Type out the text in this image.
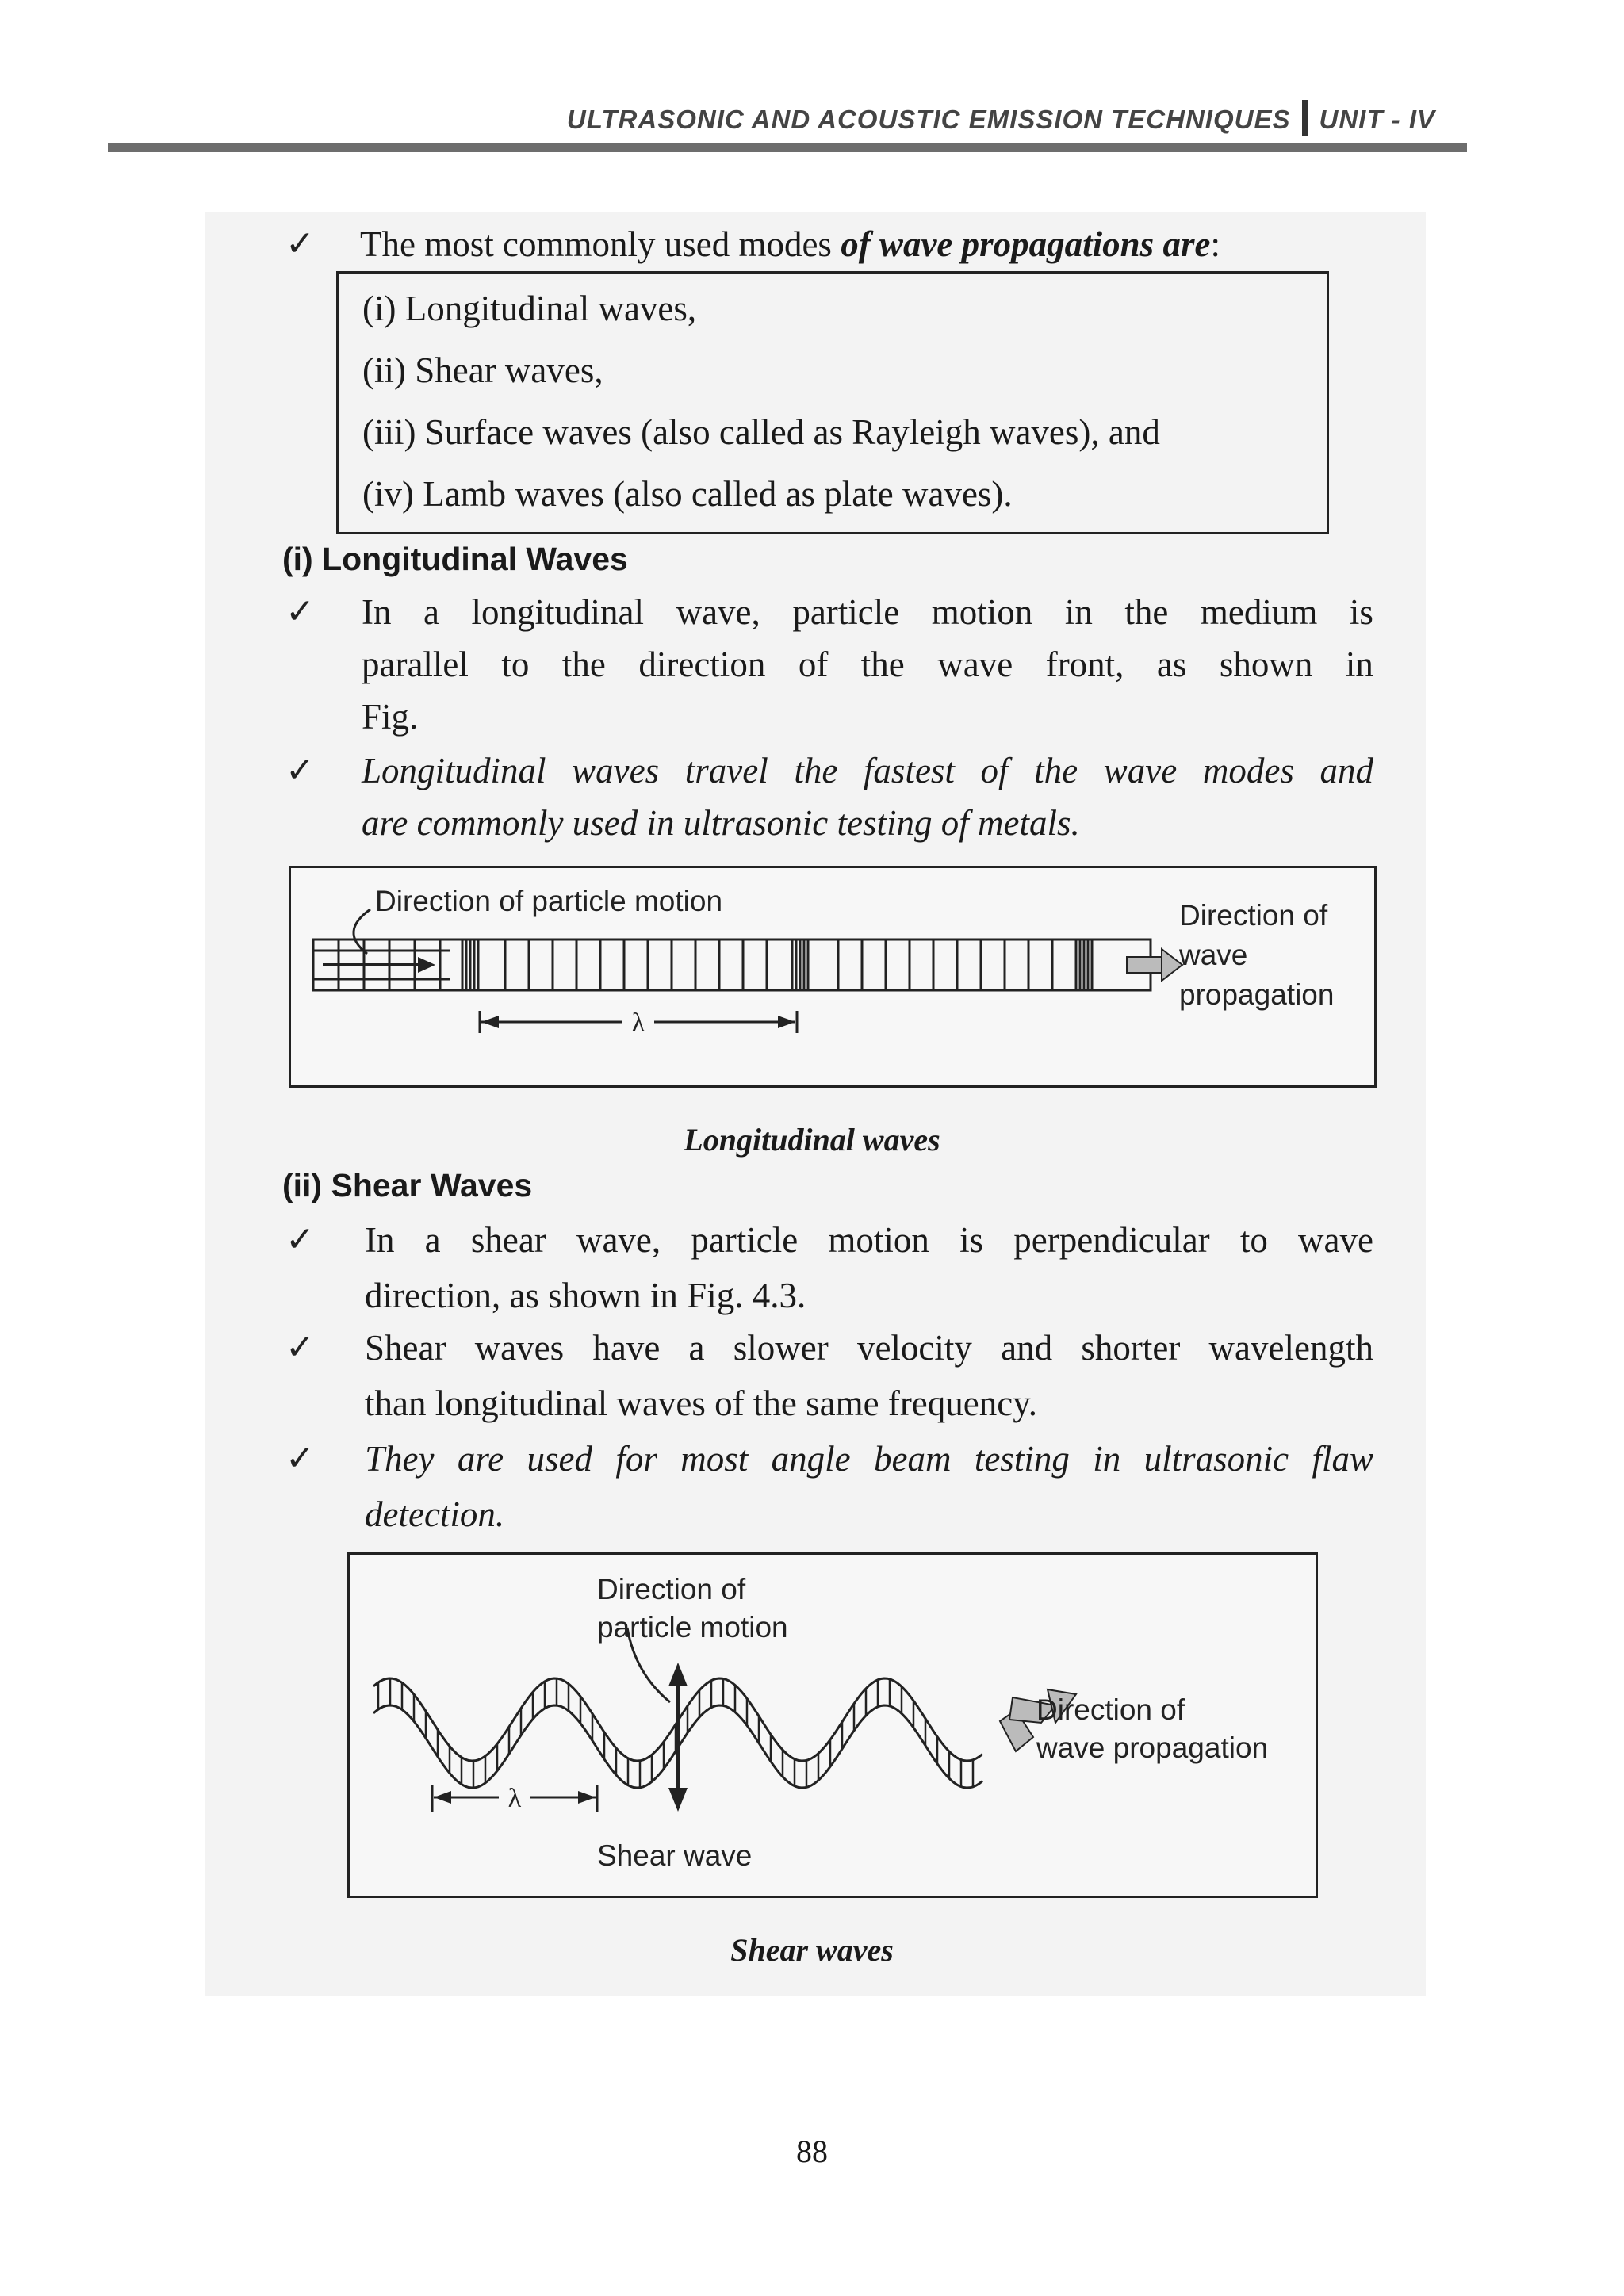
ULTRASONIC AND ACOUSTIC EMISSION TECHNIQUES UNIT - IV
✓ The most commonly used modes of wave propagations are:
(i) Longitudinal waves,
(ii) Shear waves,
(iii) Surface waves (also called as Rayleigh waves), and
(iv) Lamb waves (also called as plate waves).
(i) Longitudinal Waves
✓ In a longitudinal wave, particle motion in the medium is
parallel to the direction of the wave front, as shown in
Fig.
✓ Longitudinal waves travel the fastest of the wave modes and
are commonly used in ultrasonic testing of metals.
λ
Direction of particle motion	Direction of
wave
propagation
Longitudinal waves
(ii) Shear Waves
✓ In a shear wave, particle motion is perpendicular to wave
direction, as shown in Fig. 4.3.
✓ Shear waves have a slower velocity and shorter wavelength
than longitudinal waves of the same frequency.
✓ They are used for most angle beam testing in ultrasonic flaw
detection.
λ
Direction of
particle motion
Direction of
wave propagation
Shear wave
Shear waves
88
